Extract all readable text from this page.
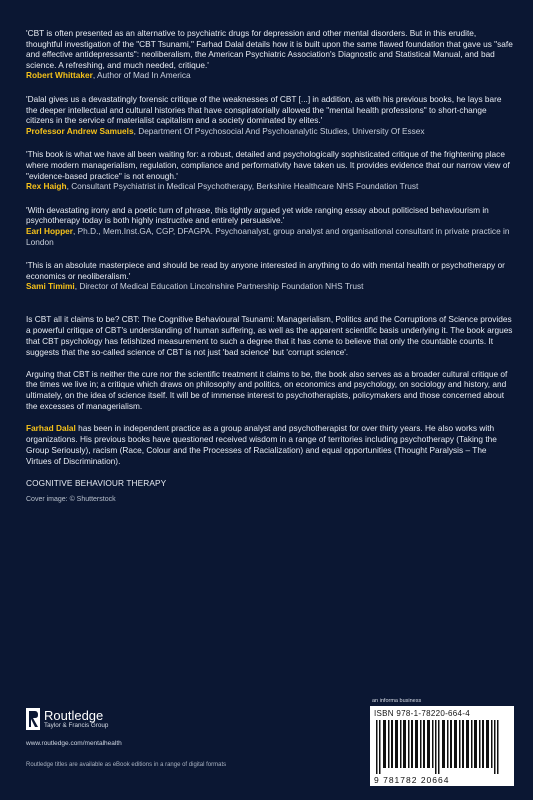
'CBT is often presented as an alternative to psychiatric drugs for depression and other mental disorders. But in this erudite, thoughtful investigation of the "CBT Tsunami," Farhad Dalal details how it is built upon the same flawed foundation that gave us "safe and effective antidepressants": neoliberalism, the American Psychiatric Association's Diagnostic and Statistical Manual, and bad science. A refreshing, and much needed, critique.'
Robert Whittaker, Author of Mad In America
'Dalal gives us a devastatingly forensic critique of the weaknesses of CBT [...] in addition, as with his previous books, he lays bare the deeper intellectual and cultural histories that have conspiratorially allowed the "mental health professions" to short-change citizens in the service of materialist capitalism and a society dominated by elites.'
Professor Andrew Samuels, Department Of Psychosocial And Psychoanalytic Studies, University Of Essex
'This book is what we have all been waiting for: a robust, detailed and psychologically sophisticated critique of the frightening place where modern managerialism, regulation, compliance and performativity have taken us. It provides evidence that our narrow view of "evidence-based practice" is not enough.'
Rex Haigh, Consultant Psychiatrist in Medical Psychotherapy, Berkshire Healthcare NHS Foundation Trust
'With devastating irony and a poetic turn of phrase, this tightly argued yet wide ranging essay about politicised behaviourism in psychotherapy today is both highly instructive and entirely persuasive.'
Earl Hopper, Ph.D., Mem.Inst.GA, CGP, DFAGPA. Psychoanalyst, group analyst and organisational consultant in private practice in London
'This is an absolute masterpiece and should be read by anyone interested in anything to do with mental health or psychotherapy or economics or neoliberalism.'
Sami Timimi, Director of Medical Education Lincolnshire Partnership Foundation NHS Trust

Is CBT all it claims to be? CBT: The Cognitive Behavioural Tsunami: Managerialism, Politics and the Corruptions of Science provides a powerful critique of CBT's understanding of human suffering, as well as the apparent scientific basis underlying it. The book argues that CBT psychology has fetishized measurement to such a degree that it has come to believe that only the countable counts. It suggests that the so-called science of CBT is not just 'bad science' but 'corrupt science'.

Arguing that CBT is neither the cure nor the scientific treatment it claims to be, the book also serves as a broader cultural critique of the times we live in; a critique which draws on philosophy and politics, on economics and psychology, on sociology and history, and ultimately, on the idea of science itself. It will be of immense interest to psychotherapists, policymakers and those concerned about the excesses of managerialism.

Farhad Dalal has been in independent practice as a group analyst and psychotherapist for over thirty years. He also works with organizations. His previous books have questioned received wisdom in a range of territories including psychotherapy (Taking the Group Seriously), racism (Race, Colour and the Processes of Racialization) and equal opportunities (Thought Paralysis – The Virtues of Discrimination).

COGNITIVE BEHAVIOUR THERAPY
Cover image: © Shutterstock
Routledge
Taylor & Francis Group
www.routledge.com/mentalhealth
Routledge titles are available as eBook editions in a range of digital formats
an informa business
ISBN 978-1-78220-664-4
9 781782 20664
